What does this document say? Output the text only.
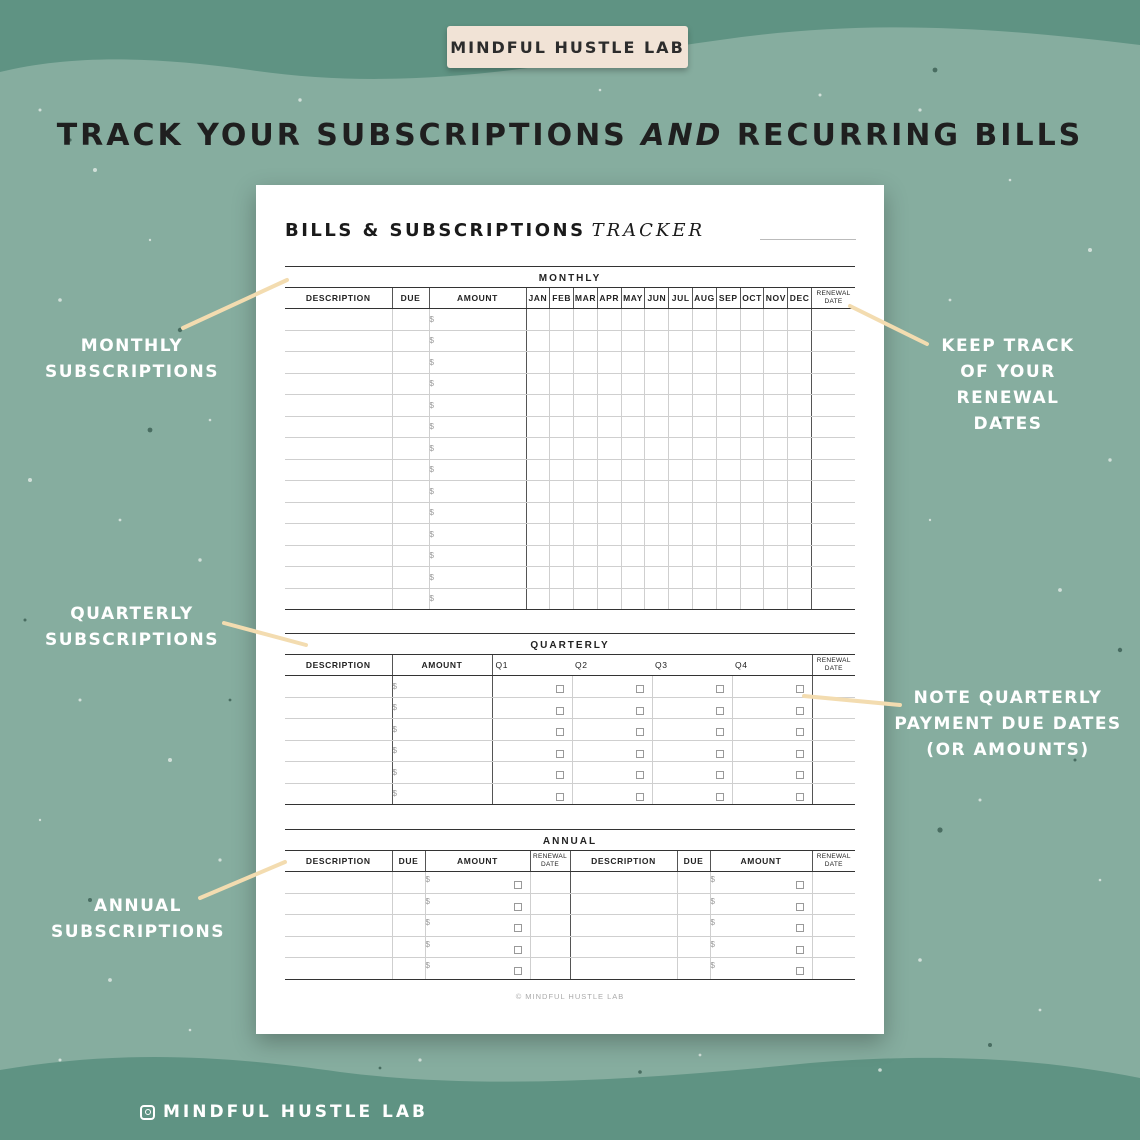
MINDFUL HUSTLE LAB
TRACK YOUR SUBSCRIPTIONS AND RECURRING BILLS
BILLS & SUBSCRIPTIONS TRACKER
MONTHLY
DESCRIPTION	DUE	AMOUNT	JAN	FEB	MAR	APR	MAY	JUN	JUL	AUG	SEP	OCT	NOV	DEC	RENEWAL DATE
		$													
		$													
		$													
		$													
		$													
		$													
		$													
		$													
		$													
		$													
		$													
		$													
		$													
		$													
QUARTERLY
DESCRIPTION	AMOUNT	Q1	Q2	Q3	Q4	RENEWAL DATE
	$	

	$	

	$	

	$	

	$	

	$	

ANNUAL
DESCRIPTION	DUE	AMOUNT	RENEWAL DATE	DESCRIPTION	DUE	AMOUNT	RENEWAL DATE
		$				$

		$				$

		$				$

		$				$

		$				$

© MINDFUL HUSTLE LAB
MONTHLY
SUBSCRIPTIONS
KEEP TRACK
OF YOUR
RENEWAL
DATES
QUARTERLY
SUBSCRIPTIONS
NOTE QUARTERLY
PAYMENT DUE DATES
(OR AMOUNTS)
ANNUAL
SUBSCRIPTIONS
MINDFUL HUSTLE LAB
